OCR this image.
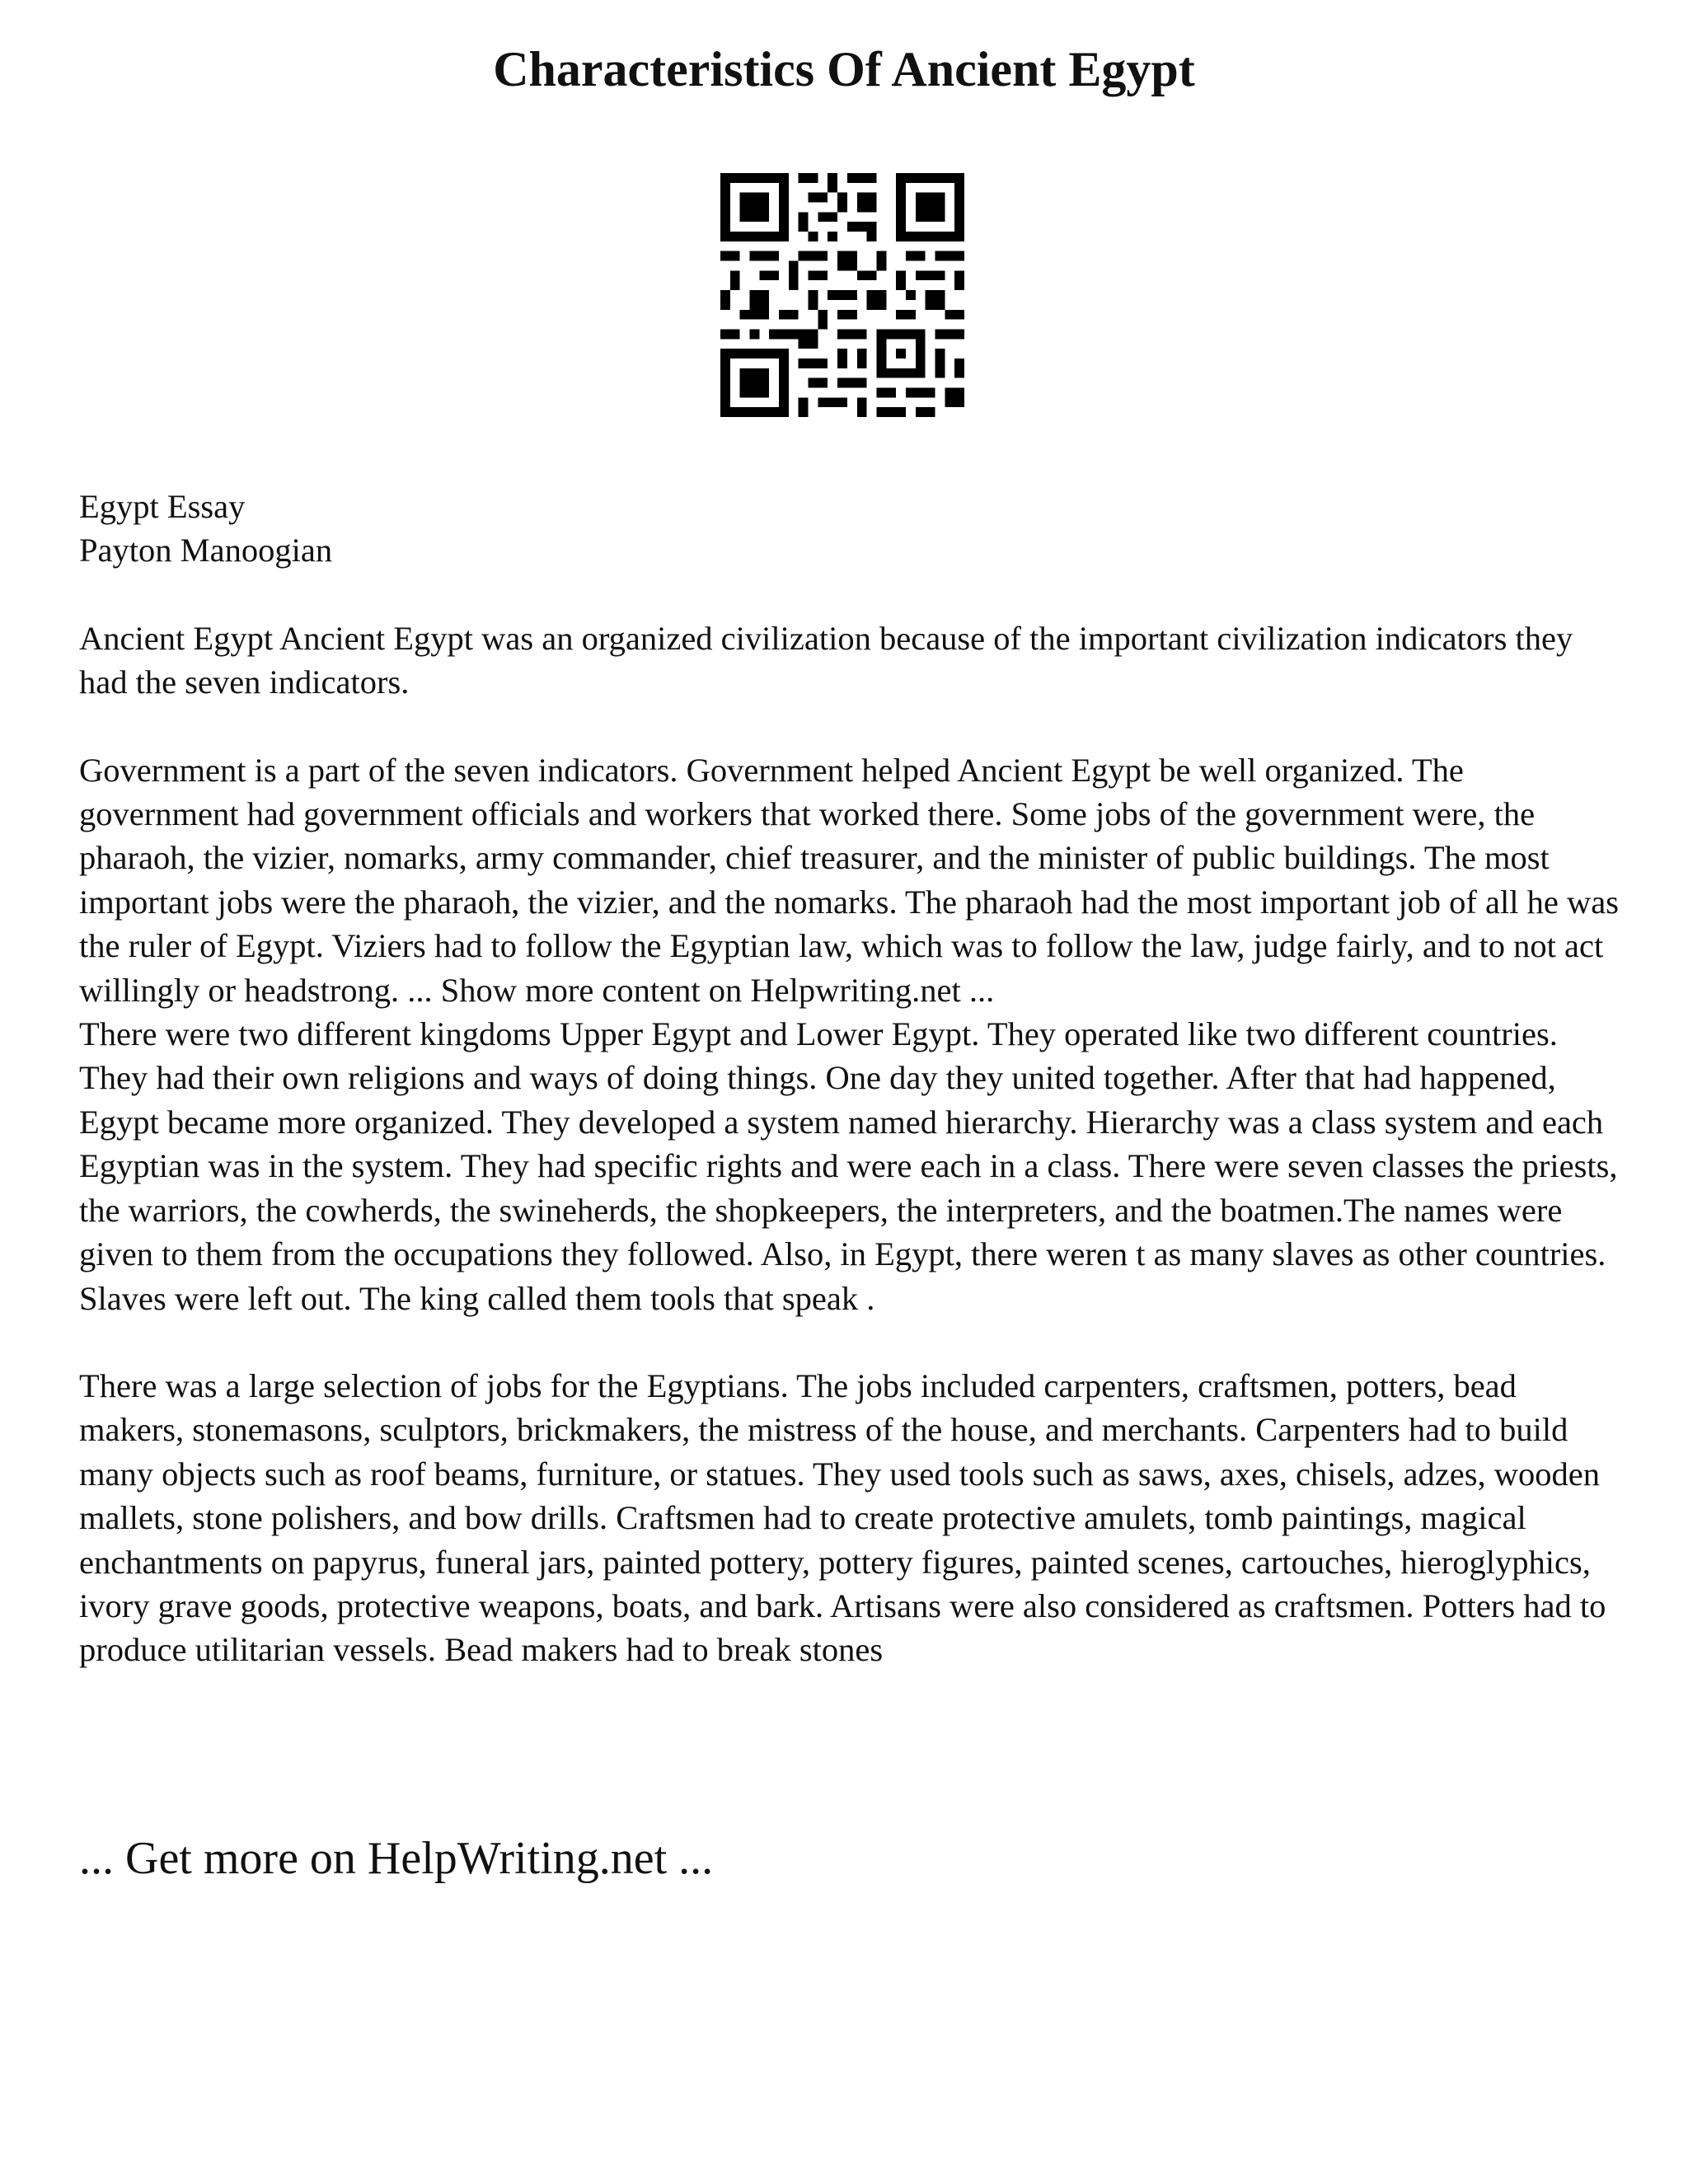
Characteristics Of Ancient Egypt

Egypt Essay

Payton Manoogian

Ancient Egypt Ancient Egypt was an organized civilization because of the important civilization indicators they had the seven indicators.

Government is a part of the seven indicators. Government helped Ancient Egypt be well organized. The government had government officials and workers that worked there. Some jobs of the government were, the pharaoh, the vizier, nomarks, army commander, chief treasurer, and the minister of public buildings. The most important jobs were the pharaoh, the vizier, and the nomarks. The pharaoh had the most important job of all he was the ruler of Egypt. Viziers had to follow the Egyptian law, which was to follow the law, judge fairly, and to not act willingly or headstrong. ... Show more content on Helpwriting.net ...

There were two different kingdoms Upper Egypt and Lower Egypt. They operated like two different countries. They had their own religions and ways of doing things. One day they united together. After that had happened, Egypt became more organized. They developed a system named hierarchy. Hierarchy was a class system and each Egyptian was in the system. They had specific rights and were each in a class. There were seven classes the priests, the warriors, the cowherds, the swineherds, the shopkeepers, the interpreters, and the boatmen.The names were given to them from the occupations they followed. Also, in Egypt, there weren t as many slaves as other countries. Slaves were left out. The king called them tools that speak .

There was a large selection of jobs for the Egyptians. The jobs included carpenters, craftsmen, potters, bead makers, stonemasons, sculptors, brickmakers, the mistress of the house, and merchants. Carpenters had to build many objects such as roof beams, furniture, or statues. They used tools such as saws, axes, chisels, adzes, wooden mallets, stone polishers, and bow drills. Craftsmen had to create protective amulets, tomb paintings, magical enchantments on papyrus, funeral jars, painted pottery, pottery figures, painted scenes, cartouches, hieroglyphics, ivory grave goods, protective weapons, boats, and bark. Artisans were also considered as craftsmen. Potters had to produce utilitarian vessels. Bead makers had to break stones

... Get more on HelpWriting.net ...
